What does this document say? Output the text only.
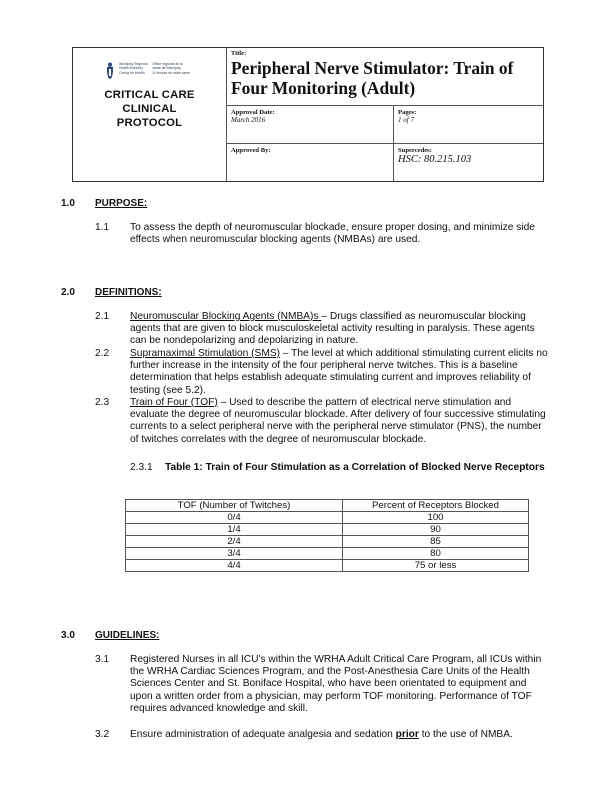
Winnipeg Regional
Health Authority
Caring for Health
Office régional de la
santé de Winnipeg
À l'écoute de notre santé
CRITICAL CARE
CLINICAL
PROTOCOL
Title:
Peripheral Nerve Stimulator: Train of Four Monitoring (Adult)
Approval Date:
March 2016
Pages:
1 of 7
Approved By:	Supercedes:
HSC: 80.215.103
1.0 PURPOSE:
1.1	To assess the depth of neuromuscular blockade, ensure proper dosing, and minimize side effects when neuromuscular blocking agents (NMBAs) are used.
2.0 DEFINITIONS:
2.1	Neuromuscular Blocking Agents (NMBA)s – Drugs classified as neuromuscular blocking agents that are given to block musculoskeletal activity resulting in paralysis. These agents can be nondepolarizing and depolarizing in nature.
2.2	Supramaximal Stimulation (SMS) – The level at which additional stimulating current elicits no further increase in the intensity of the four peripheral nerve twitches. This is a baseline determination that helps establish adequate stimulating current and improves reliability of testing (see 5.2).
2.3	Train of Four (TOF) – Used to describe the pattern of electrical nerve stimulation and evaluate the degree of neuromuscular blockade. After delivery of four successive stimulating currents to a select peripheral nerve with the peripheral nerve stimulator (PNS), the number of twitches correlates with the degree of neuromuscular blockade.
2.3.1 Table 1: Train of Four Stimulation as a Correlation of Blocked Nerve Receptors
TOF (Number of Twitches)	Percent of Receptors Blocked
0/4	100
1/4	90
2/4	85
3/4	80
4/4	75 or less
3.0 GUIDELINES:
3.1	Registered Nurses in all ICU's within the WRHA Adult Critical Care Program, all ICUs within the WRHA Cardiac Sciences Program, and the Post-Anesthesia Care Units of the Health Sciences Center and St. Boniface Hospital, who have been orientated to equipment and upon a written order from a physician, may perform TOF monitoring. Performance of TOF requires advanced knowledge and skill.
3.2	Ensure administration of adequate analgesia and sedation prior to the use of NMBA.
